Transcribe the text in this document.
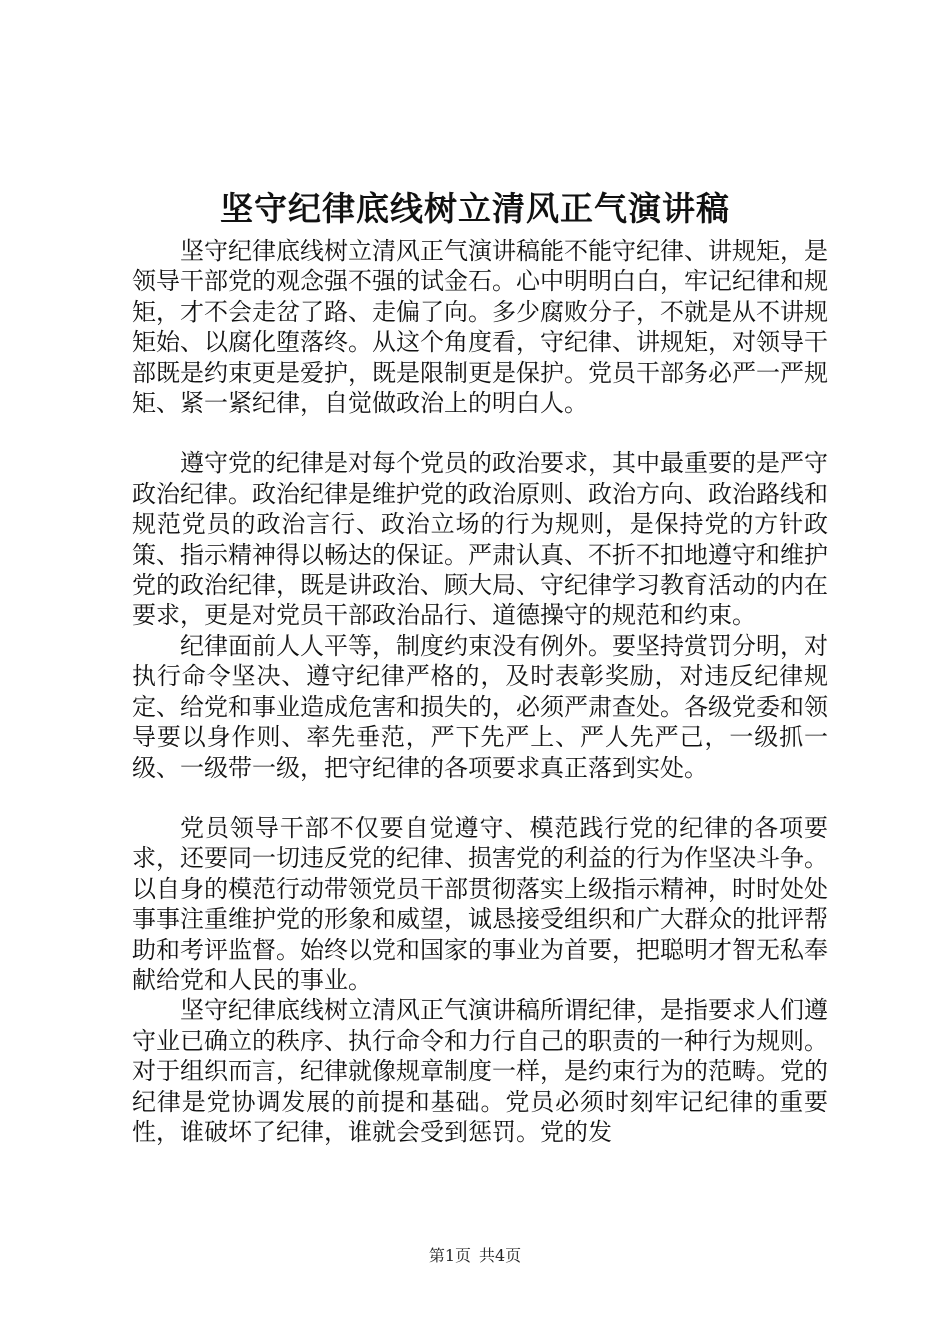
坚守纪律底线树立清风正气演讲稿

坚守纪律底线树立清风正气演讲稿能不能守纪律、讲规矩，是领导干部党的观念强不强的试金石。心中明明白白，牢记纪律和规矩，才不会走岔了路、走偏了向。多少腐败分子，不就是从不讲规矩始、以腐化堕落终。从这个角度看，守纪律、讲规矩，对领导干部既是约束更是爱护，既是限制更是保护。党员干部务必严一严规矩、紧一紧纪律，自觉做政治上的明白人。

遵守党的纪律是对每个党员的政治要求，其中最重要的是严守政治纪律。政治纪律是维护党的政治原则、政治方向、政治路线和规范党员的政治言行、政治立场的行为规则，是保持党的方针政策、指示精神得以畅达的保证。严肃认真、不折不扣地遵守和维护党的政治纪律，既是讲政治、顾大局、守纪律学习教育活动的内在要求，更是对党员干部政治品行、道德操守的规范和约束。

纪律面前人人平等，制度约束没有例外。要坚持赏罚分明，对执行命令坚决、遵守纪律严格的，及时表彰奖励，对违反纪律规定、给党和事业造成危害和损失的，必须严肃查处。各级党委和领导要以身作则、率先垂范，严下先严上、严人先严己，一级抓一级、一级带一级，把守纪律的各项要求真正落到实处。

党员领导干部不仅要自觉遵守、模范践行党的纪律的各项要求，还要同一切违反党的纪律、损害党的利益的行为作坚决斗争。以自身的模范行动带领党员干部贯彻落实上级指示精神，时时处处事事注重维护党的形象和威望，诚恳接受组织和广大群众的批评帮助和考评监督。始终以党和国家的事业为首要，把聪明才智无私奉献给党和人民的事业。

坚守纪律底线树立清风正气演讲稿所谓纪律，是指要求人们遵守业已确立的秩序、执行命令和力行自己的职责的一种行为规则。对于组织而言，纪律就像规章制度一样，是约束行为的范畴。党的纪律是党协调发展的前提和基础。党员必须时刻牢记纪律的重要性，谁破坏了纪律，谁就会受到惩罚。党的发

第1页 共4页
